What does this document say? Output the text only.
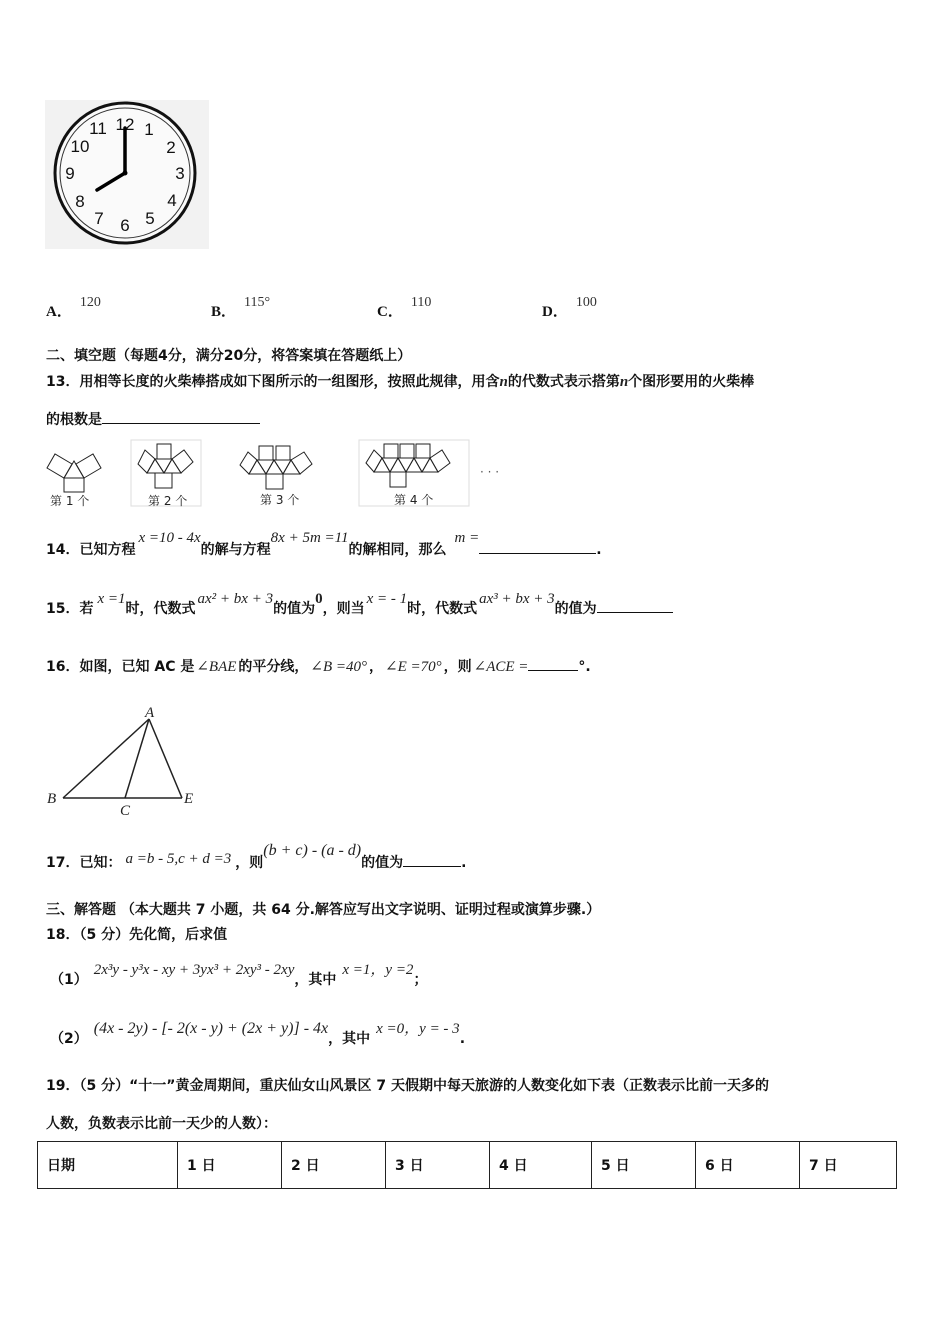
12 1
2
3
4
5
6
7
8
9
10
11
A．120
B．115°
C．110
D．100
二、填空题（每题4分，满分20分，将答案填在答题纸上）
13．用相等长度的火柴棒搭成如下图所示的一组图形，按照此规律，用含n的代数式表示搭第n个图形要用的火柴棒
的根数是
第 1 个	第 2 个	第 3 个	第 4 个
· · ·
14．已知方程x =10 - 4x的解与方程8x + 5m =11的解相同，那么m =.
15．若x =1时，代数式ax² + bx + 3的值为0，则当x = - 1时，代数式ax³ + bx + 3的值为
16．如图，已知 AC 是 ∠BAE 的平分线， ∠B =40° ， ∠E =70° ，则 ∠ACE =	°.
A
B
C
E
17．已知： a =b - 5,c + d =3 ，则(b + c) - (a - d)的值为	.
三、解答题 （本大题共 7 小题，共 64 分.解答应写出文字说明、证明过程或演算步骤.）
18．（5 分）先化简，后求值
（1）2x³y - y³x - xy + 3yx³ + 2xy³ - 2xy，其中x =1，y =2；
（2）(4x - 2y) - [- 2(x - y) + (2x + y)] - 4x，其中x =0，y = - 3.
19．（5 分）“十一”黄金周期间，重庆仙女山风景区 7 天假期中每天旅游的人数变化如下表（正数表示比前一天多的
人数，负数表示比前一天少的人数）：
日期	1 日	2 日	3 日	4 日	5 日	6 日	7 日
